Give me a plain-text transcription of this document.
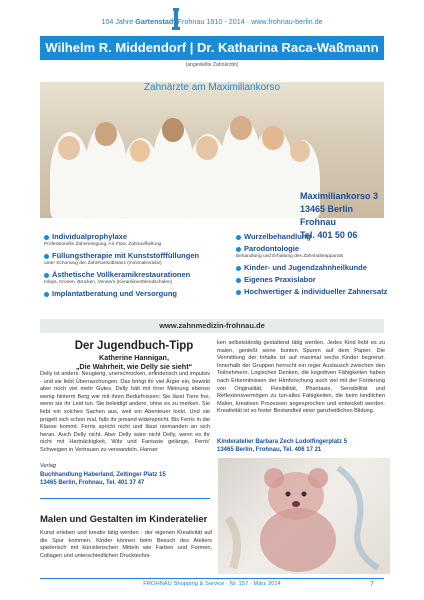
104 Jahre Gartenstadt Frohnau 1910 - 2014 · www.frohnau-berlin.de
Wilhelm R. Middendorf | Dr. Katharina Raca-Waßmann
(angestellte Zahnärztin)
Zahnärzte am Maximiliankorso
Maximiliankorso 3
13465 Berlin
Frohnau
Tel. 401 50 06
Individualprophylaxe
Professionelle Zahnreinigung, Air Flow, Zahnaufhellung
Füllungstherapie mit Kunststofffüllungen
unter Schonung der Zahnhartsubstanz (minimalinvasiv)
Ästhetische Vollkeramikrestaurationen
Inlays, Kronen, Brücken, Veneers (Keramikverblendschalen)
Implantatberatung und Versorgung
Wurzelbehandlung
Parodontologie
Behandlung und Erhaltung des Zahnhalteapparats
Kinder- und Jugendzahnheilkunde
Eigenes Praxislabor
Hochwertiger & individueller Zahnersatz
www.zahnmedizin-frohnau.de
Der Jugendbuch-Tipp
Katherine Hannigan,
„Die Wahrheit, wie Delly sie sieht“
Delly ist anders: Neugierig, unerschrocken, erfinderisch und impulsiv - und sie liebt Überraschungen. Das bringt ihr viel Ärger ein, bewirkt aber noch viel mehr Gutes. Delly hält mit ihrer Meinung ebenso wenig hinterm Berg wie mit ihren Bedürfnissen: Sie lässt Tiere frei, wenn sie ihr Leid tun. Sie beleidigt andere, ohne es zu merken. Sie liebt ein solches Sachen aus, weil ein Abenteuer lockt. Und sie prügelt sich schon mal, falls ihr jemand widerspricht. Bis Ferris in die Klasse kommt. Ferris spricht nicht und lässt niemanden an sich heran. Auch Delly nicht. Aber Delly wäre nicht Delly, wenn es ihr nicht mit Hartnäckigkeit, Witz und Fantasie gelänge, Ferris' Schweigen in Vertrauen zu verwandeln. Hanser
Verlag
Buchhandlung Haberland, Zeltinger Platz 15
13465 Berlin, Frohnau, Tel. 401 37 47
Malen und Gestalten im Kinderatelier
Kunst erleben und kreativ tätig werden - der eigenen Kreativität auf die Spur kommen. Kinder können beim Besuch des Ateliers spielerisch mit künstlerischen Mitteln wie Farben und Formen, Collagen und unterschiedlichen Drucktechni-
ken selbstständig gestaltend tätig werden. Jedes Kind liebt es zu malen, genießt seine bunten Spuren auf dem Papier. Die Vermittlung der Inhalte ist auf maximal sechs Kinder begrenzt. Innerhalb der Gruppen herrscht ein reger Austausch zwischen den Teilnehmern. Logisches Denken, die kognitiven Fähigkeiten haben nach Erkenntnissen der Hirnforschung auch viel mit der Förderung von Originalität, Flexibilität, Phantasie, Sensibilität und Reflexionsvermögen zu tun-alles Fähigkeiten, die beim kindlichen Malen, kreativen Prozessen angesprochen und entwickelt werden. Kreativität ist so fester Bestandteil einer ganzheitlichen Bildung.
Kinderatelier Barbara Zech Ludolfingerplatz 5
13465 Berlin, Frohnau, Tel. 406 17 21
FROHNAU Shopping & Service · Nr. 157 · März 2014	7
